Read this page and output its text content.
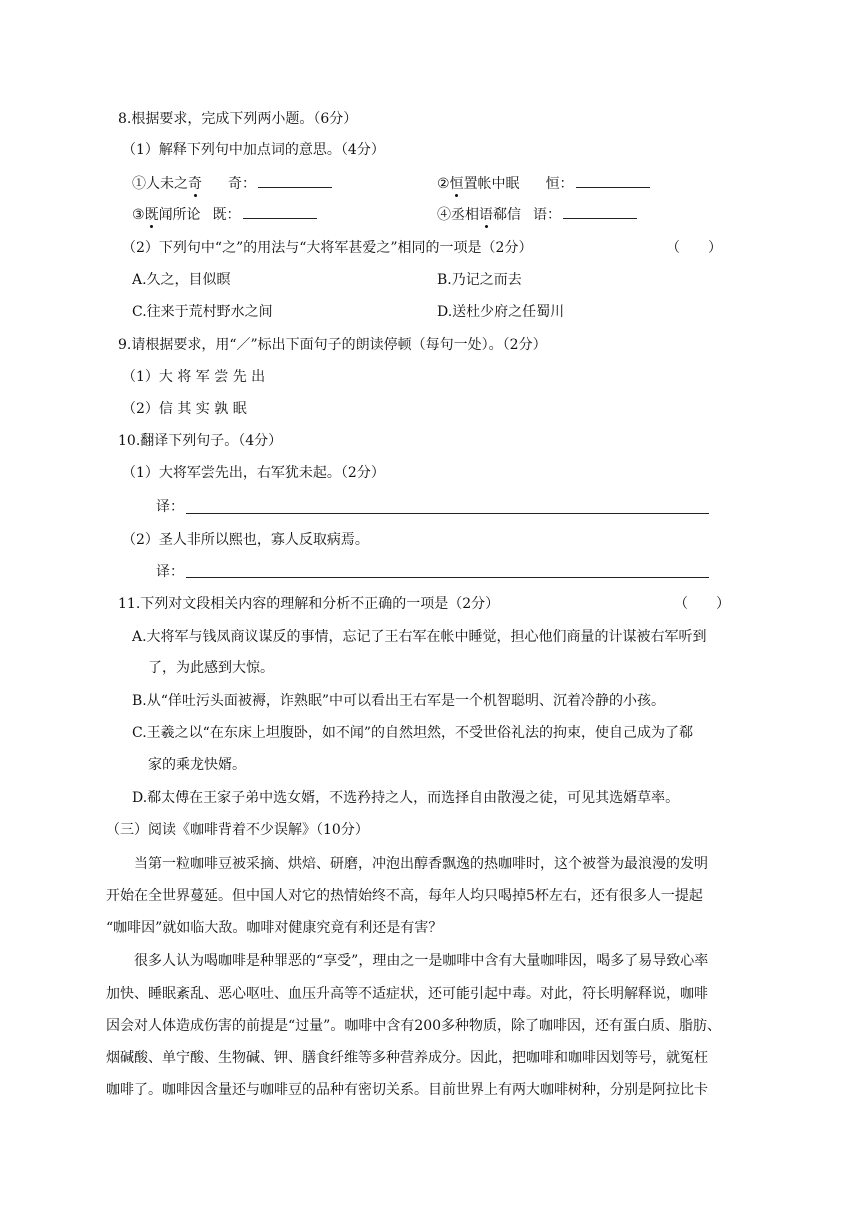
8.根据要求，完成下列两小题。（6分）
（1）解释下列句中加点词的意思。（4分）
①人未之奇 奇：	②恒置帐中眠 恒：
③既闻所论 既：	④丞相语郗信 语：
（2）下列句中“之”的用法与“大将军甚爱之”相同的一项是（2分）	（　　）
A.久之，目似瞑	B.乃记之而去
C.往来于荒村野水之间	D.送杜少府之任蜀川
9.请根据要求，用“／”标出下面句子的朗读停顿（每句一处）。（2分）
（1）大 将 军 尝 先 出
（2）信 其 实 孰 眠
10.翻译下列句子。（4分）
（1）大将军尝先出，右军犹未起。（2分）
译：
（2）圣人非所以熙也，寡人反取病焉。
译：
11.下列对文段相关内容的理解和分析不正确的一项是（2分）	（　　）
A.大将军与钱凤商议谋反的事情，忘记了王右军在帐中睡觉，担心他们商量的计谋被右军听到
了，为此感到大惊。
B.从“佯吐污头面被褥，诈熟眠”中可以看出王右军是一个机智聪明、沉着冷静的小孩。
C.王羲之以“在东床上坦腹卧，如不闻”的自然坦然，不受世俗礼法的拘束，使自己成为了郗
家的乘龙快婿。
D.郗太傅在王家子弟中选女婿，不选矜持之人，而选择自由散漫之徒，可见其选婿草率。
（三）阅读《咖啡背着不少误解》（10分）
当第一粒咖啡豆被采摘、烘焙、研磨，冲泡出醇香飘逸的热咖啡时，这个被誉为最浪漫的发明
开始在全世界蔓延。但中国人对它的热情始终不高，每年人均只喝掉5杯左右，还有很多人一提起
“咖啡因”就如临大敌。咖啡对健康究竟有利还是有害？
很多人认为喝咖啡是种罪恶的“享受”，理由之一是咖啡中含有大量咖啡因，喝多了易导致心率
加快、睡眠紊乱、恶心呕吐、血压升高等不适症状，还可能引起中毒。对此，符长明解释说，咖啡
因会对人体造成伤害的前提是“过量”。咖啡中含有200多种物质，除了咖啡因，还有蛋白质、脂肪、
烟碱酸、单宁酸、生物碱、钾、膳食纤维等多种营养成分。因此，把咖啡和咖啡因划等号，就冤枉
咖啡了。咖啡因含量还与咖啡豆的品种有密切关系。目前世界上有两大咖啡树种，分别是阿拉比卡
